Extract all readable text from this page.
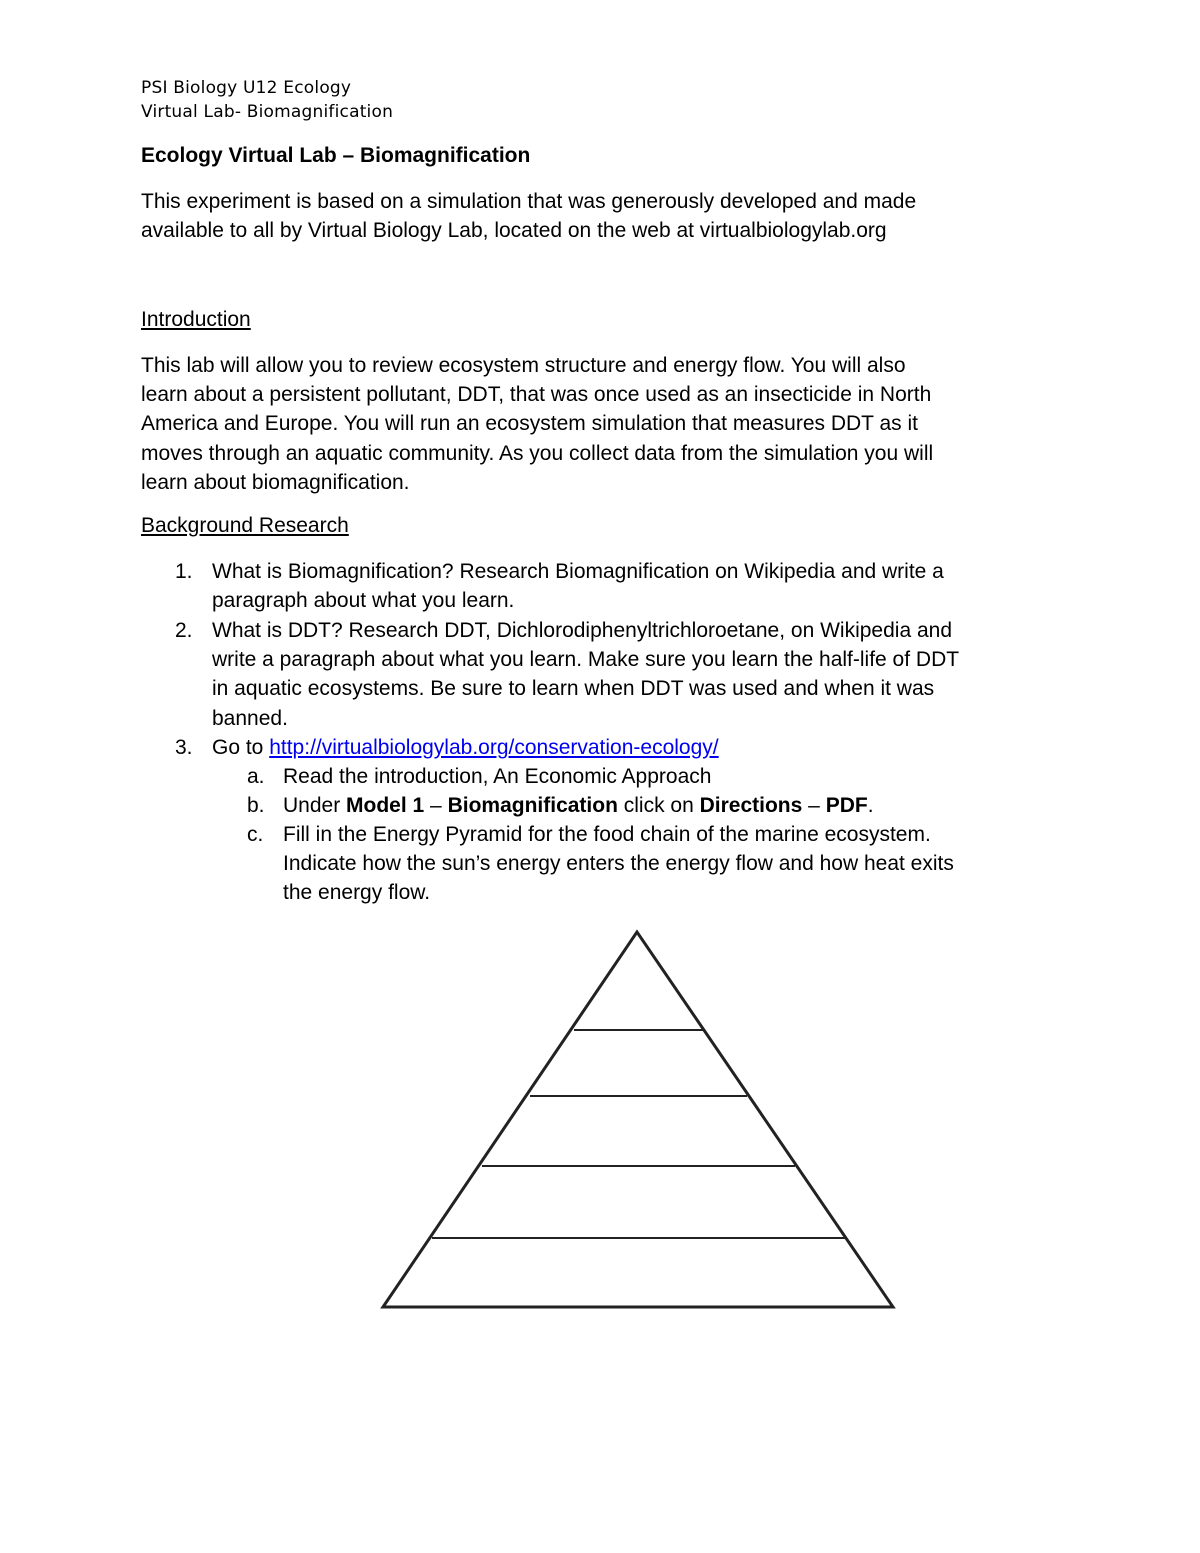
PSI Biology U12 Ecology
Virtual Lab- Biomagnification
Ecology Virtual Lab – Biomagnification
This experiment is based on a simulation that was generously developed and made
available to all by Virtual Biology Lab, located on the web at virtualbiologylab.org
Introduction
This lab will allow you to review ecosystem structure and energy flow. You will also
learn about a persistent pollutant, DDT, that was once used as an insecticide in North
America and Europe. You will run an ecosystem simulation that measures DDT as it
moves through an aquatic community. As you collect data from the simulation you will
learn about biomagnification.
Background Research
1. What is Biomagnification? Research Biomagnification on Wikipedia and write a
paragraph about what you learn.
2. What is DDT? Research DDT, Dichlorodiphenyltrichloroetane, on Wikipedia and
write a paragraph about what you learn. Make sure you learn the half-life of DDT
in aquatic ecosystems. Be sure to learn when DDT was used and when it was
banned.
3. Go to http://virtualbiologylab.org/conservation-ecology/
a. Read the introduction, An Economic Approach
b. Under Model 1 – Biomagnification click on Directions – PDF.
c. Fill in the Energy Pyramid for the food chain of the marine ecosystem.
Indicate how the sun’s energy enters the energy flow and how heat exits
the energy flow.
